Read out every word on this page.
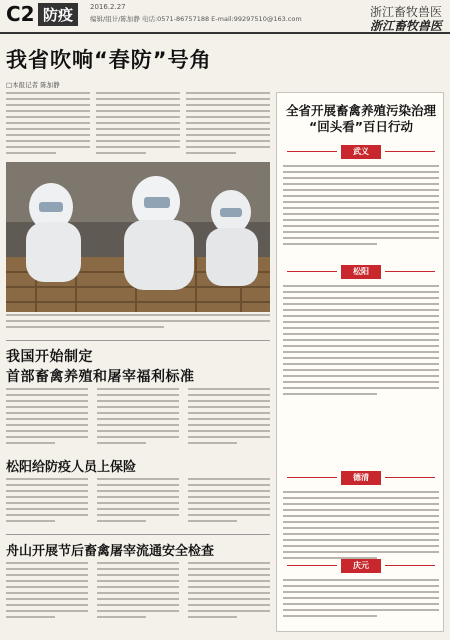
C2 防疫	2016.2.27
编辑/组计/陈加静 电话:0571-86757188 E-mail:99297510@163.com	浙江畜牧兽医
浙江畜牧兽医
我省吹响“春防”号角
□本报记者 陈加静
全省开展畜禽养殖污染治理
“回头看”百日行动
武义
松阳
德清
庆元
我国开始制定
首部畜禽养殖和屠宰福利标准
松阳给防疫人员上保险
舟山开展节后畜禽屠宰流通安全检查
